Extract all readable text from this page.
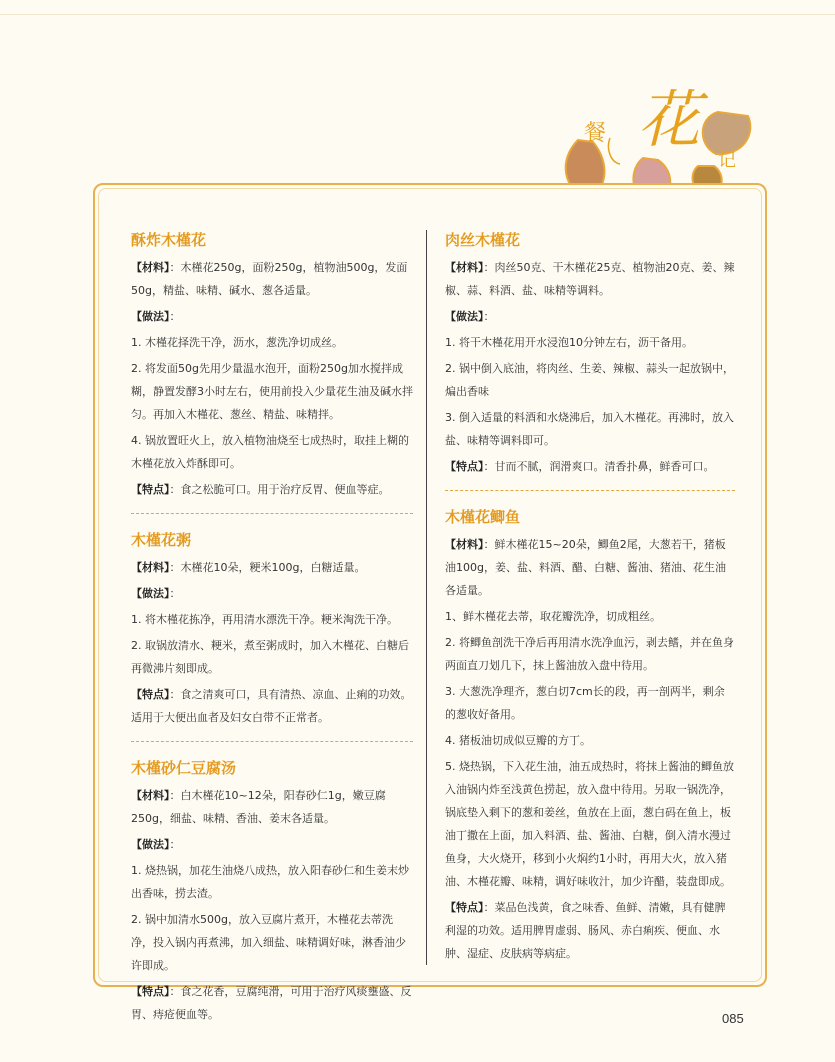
餐 花
记
酥炸木槿花

【材料】：木槿花250g，面粉250g，植物油500g，发面50g，精盐、味精、碱水、葱各适量。

【做法】：

1. 木槿花择洗干净，沥水，葱洗净切成丝。

2. 将发面50g先用少量温水泡开，面粉250g加水搅拌成糊，静置发酵3小时左右，使用前投入少量花生油及碱水拌匀。再加入木槿花、葱丝、精盐、味精拌。

4. 锅放置旺火上，放入植物油烧至七成热时，取挂上糊的木槿花放入炸酥即可。

【特点】：食之松脆可口。用于治疗反胃、便血等症。

木槿花粥

【材料】：木槿花10朵，粳米100g，白糖适量。

【做法】：

1. 将木槿花拣净，再用清水漂洗干净。粳米淘洗干净。

2. 取锅放清水、粳米，煮至粥成时，加入木槿花、白糖后再微沸片刻即成。

【特点】：食之清爽可口，具有清热、凉血、止痢的功效。适用于大便出血者及妇女白带不正常者。

木槿砂仁豆腐汤

【材料】：白木槿花10~12朵，阳春砂仁1g，嫩豆腐250g，细盐、味精、香油、姜末各适量。

【做法】：

1. 烧热锅，加花生油烧八成热，放入阳春砂仁和生姜末炒出香味，捞去渣。

2. 锅中加清水500g，放入豆腐片煮开，木槿花去蒂洗净，投入锅内再煮沸，加入细盐、味精调好味，淋香油少许即成。

【特点】：食之花香，豆腐纯滑，可用于治疗风痰壅盛、反胃、痔疮便血等。

肉丝木槿花

【材料】：肉丝50克、干木槿花25克、植物油20克、姜、辣椒、蒜、料酒、盐、味精等调料。

【做法】：

1. 将干木槿花用开水浸泡10分钟左右，沥干备用。

2. 锅中倒入底油，将肉丝、生姜、辣椒、蒜头一起放锅中，煸出香味

3. 倒入适量的料酒和水烧沸后，加入木槿花。再沸时，放入盐、味精等调料即可。

【特点】：甘而不腻，润滑爽口。清香扑鼻，鲜香可口。

木槿花鲫鱼

【材料】：鲜木槿花15~20朵，鲫鱼2尾，大葱若干，猪板油100g，姜、盐、料酒、醋、白糖、酱油、猪油、花生油各适量。

1、鲜木槿花去蒂，取花瓣洗净，切成粗丝。

2. 将鲫鱼剖洗干净后再用清水洗净血污，剥去鳍，并在鱼身两面直刀划几下，抹上酱油放入盘中待用。

3. 大葱洗净理齐，葱白切7cm长的段，再一剖两半，剩余的葱收好备用。

4. 猪板油切成似豆瓣的方丁。

5. 烧热锅，下入花生油，油五成热时，将抹上酱油的鲫鱼放入油锅内炸至浅黄色捞起，放入盘中待用。另取一锅洗净，锅底垫入剩下的葱和姜丝，鱼放在上面，葱白码在鱼上，板油丁撒在上面，加入料酒、盐、酱油、白糖，倒入清水漫过鱼身，大火烧开，移到小火焖约1小时，再用大火，放入猪油、木槿花瓣、味精，调好味收汁，加少许醋，装盘即成。

【特点】：菜品色浅黄，食之味香、鱼鲜、清嫩，具有健脾利湿的功效。适用脾胃虚弱、肠风、赤白痢疾、便血、水肿、湿症、皮肤病等病症。

085
